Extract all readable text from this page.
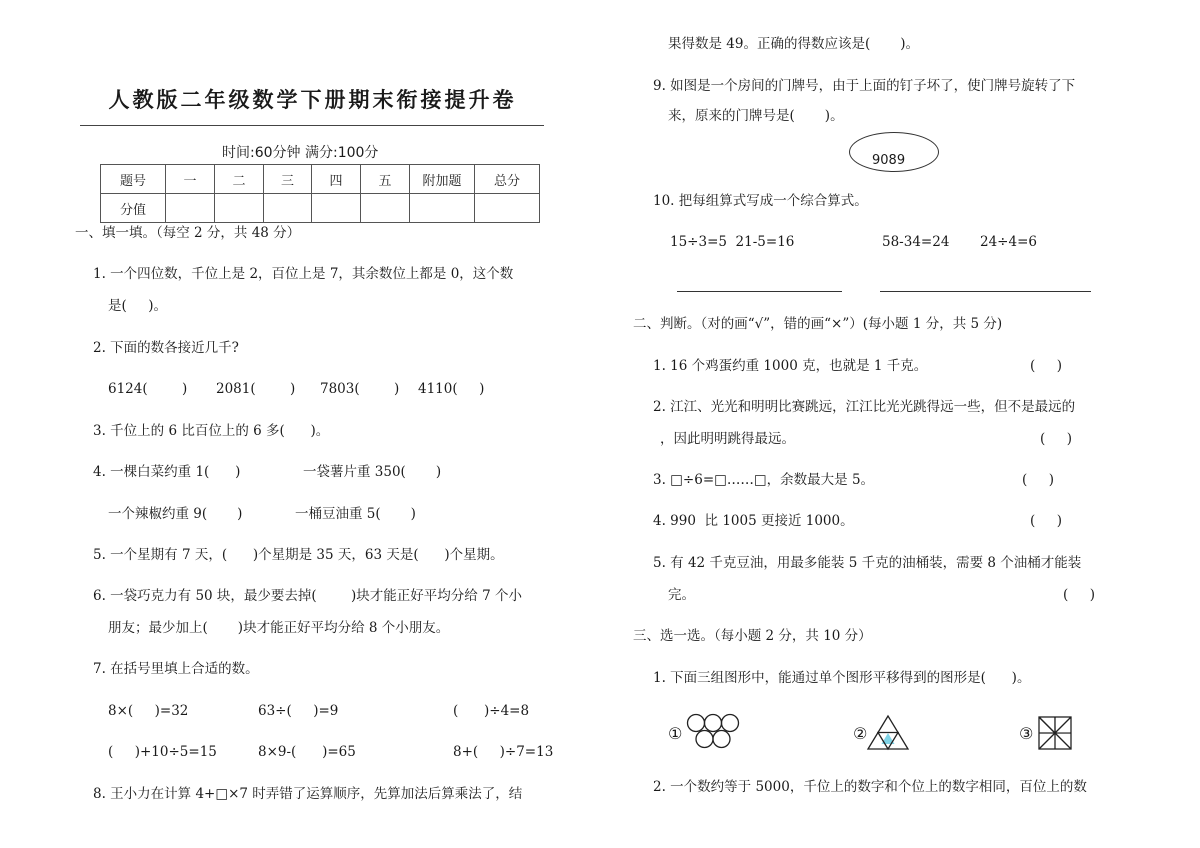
人教版二年级数学下册期末衔接提升卷
时间:60分钟 满分:100分
题号	一	二	三	四	五	附加题	总分
分值							
一、填一填。（每空 2 分，共 48 分）
1. 一个四位数，千位上是 2，百位上是 7，其余数位上都是 0，这个数
是(     )。
2. 下面的数各接近几千?
6124(        ) 2081(        ) 7803(        ) 4110(     )
3. 千位上的 6 比百位上的 6 多(      )。
4. 一棵白菜约重 1(      )	一袋薯片重 350(       )
一个辣椒约重 9(       )	一桶豆油重 5(       )
5. 一个星期有 7 天，(      )个星期是 35 天，63 天是(      )个星期。
6. 一袋巧克力有 50 块，最少要去掉(        )块才能正好平均分给 7 个小
朋友；最少加上(       )块才能正好平均分给 8 个小朋友。
7. 在括号里填上合适的数。
8×(     )=32	63÷(     )=9	(      )÷4=8
(     )+10÷5=15	8×9-(      )=65	8+(     )÷7=13
8. 王小力在计算 4+□×7 时弄错了运算顺序，先算加法后算乘法了，结
果得数是 49。正确的得数应该是(       )。
9. 如图是一个房间的门牌号，由于上面的钉子坏了，使门牌号旋转了下
来，原来的门牌号是(       )。
9089
10. 把每组算式写成一个综合算式。
15÷3=5  21-5=16	58-34=24 24÷4=6
二、判断。（对的画“√”，错的画“×”）(每小题 1 分，共 5 分)
1. 16 个鸡蛋约重 1000 克，也就是 1 千克。	(     )
2. 江江、光光和明明比赛跳远，江江比光光跳得远一些，但不是最远的
，因此明明跳得最远。	(     )
3. □÷6=□……□，余数最大是 5。	(     )
4. 990  比 1005 更接近 1000。	(     )
5. 有 42 千克豆油，用最多能装 5 千克的油桶装，需要 8 个油桶才能装
完。	(     )
三、选一选。（每小题 2 分，共 10 分）
1. 下面三组图形中，能通过单个图形平移得到的图形是(      )。
①	②	③
2. 一个数约等于 5000，千位上的数字和个位上的数字相同，百位上的数
